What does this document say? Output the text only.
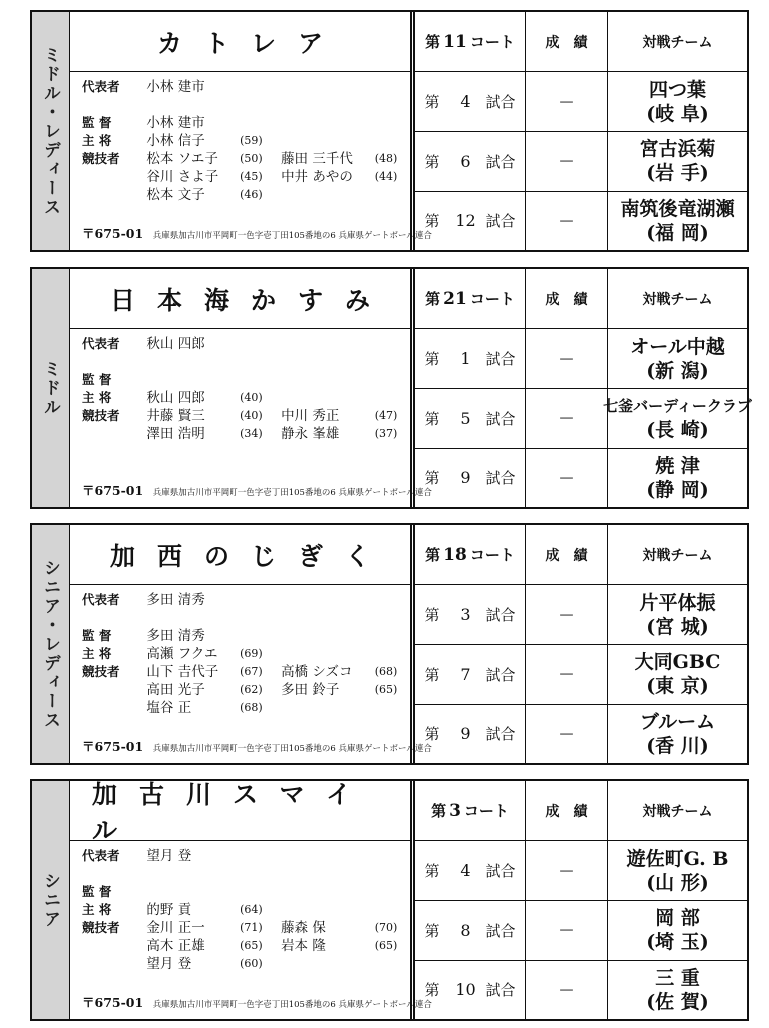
ミドル・レディース
カトレア
代表者	小林 建市
監 督	小林 建市
主 将	小林 信子	(59)
競技者	松本 ソエ子	(50)	藤田 三千代	(48)
谷川 さよ子	(45)	中井 あやの	(44)
松本 文子	(46)
〒675-01 兵庫県加古川市平岡町一色字壱丁田105番地の6 兵庫県ゲートボール連合
第 11 コート	成績	対戦チーム
第	4 試合	—
四つ葉
(岐 阜)
第	6 試合	—
宮古浜菊
(岩 手)
第 12 試合	—
南筑後竜湖瀬
(福 岡)
ミドル
日本海かすみ
代表者	秋山 四郎
監 督
主 将	秋山 四郎	(40)
競技者	井藤 賢三	(40)	中川 秀正	(47)
澤田 浩明	(34)	静永 峯雄	(37)
〒675-01 兵庫県加古川市平岡町一色字壱丁田105番地の6 兵庫県ゲートボール連合
第 21 コート	成績	対戦チーム
第	1 試合	—
オール中越
(新 潟)
第	5 試合	—
七釜バーディークラブ
(長 崎)
第	9 試合	—
焼 津
(静 岡)
シニア・レディース
加西のじぎく
代表者	多田 清秀
監 督	多田 清秀
主 将	高瀬 フクエ	(69)
競技者	山下 𠮷代子	(67)	高橋 シズコ	(68)
高田 光子	(62)	多田 鈴子	(65)
塩谷 正	(68)
〒675-01 兵庫県加古川市平岡町一色字壱丁田105番地の6 兵庫県ゲートボール連合
第 18 コート	成績	対戦チーム
第	3 試合	—
片平体振
(宮 城)
第	7 試合	—
大同GBC
(東 京)
第	9 試合	—
ブルーム
(香 川)
シニア
加古川スマイル
代表者	望月 登
監 督
主 将	的野 貢	(64)
競技者	金川 正一	(71)	藤森 保	(70)
高木 正雄	(65)	岩本 隆	(65)
望月 登	(60)
〒675-01 兵庫県加古川市平岡町一色字壱丁田105番地の6 兵庫県ゲートボール連合
第 3 コート	成績	対戦チーム
第	4 試合	—
遊佐町G. B
(山 形)
第	8 試合	—
岡 部
(埼 玉)
第 10 試合	—
三 重
(佐 賀)
